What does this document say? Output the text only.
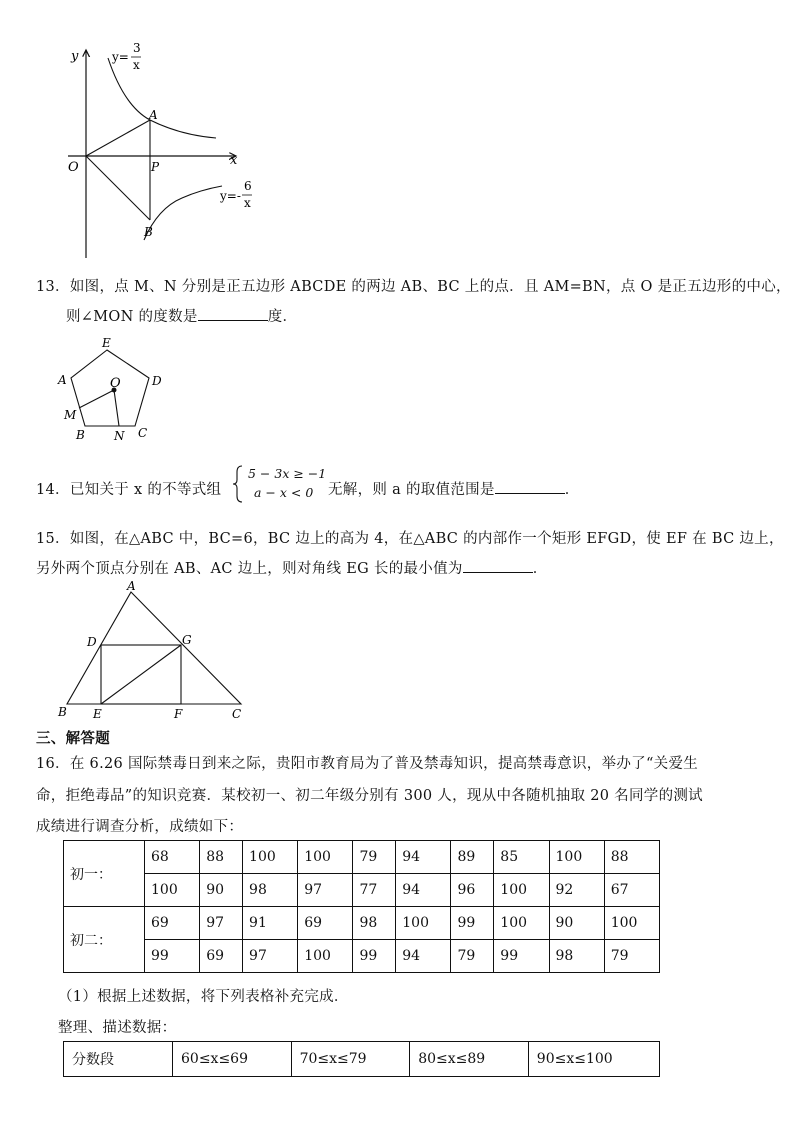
y
x
O
A
P
B
y=
3
x
y=-
6
x
13．如图，点 M、N 分别是正五边形 ABCDE 的两边 AB、BC 上的点．且 AM=BN，点 O 是正五边形的中心，
则∠MON 的度数是	度．
E
A	D
O
M
B N C
14．已知关于 x 的不等式组
5 − 3x ≥ −1
a − x < 0 无解，则 a 的取值范围是	．
15．如图，在△ABC 中，BC=6，BC 边上的高为 4，在△ABC 的内部作一个矩形 EFGD，使 EF 在 BC 边上，
另外两个顶点分别在 AB、AC 边上，则对角线 EG 长的最小值为	．
A
D	G
B E	F	C
三、解答题
16．在 6.26 国际禁毒日到来之际，贵阳市教育局为了普及禁毒知识，提高禁毒意识，举办了“关爱生
命，拒绝毒品”的知识竞赛．某校初一、初二年级分别有 300 人，现从中各随机抽取 20 名同学的测试
成绩进行调查分析，成绩如下：
初一：	68	88	100	100	79	94	89	85	100	88
	100	90	98	97	77	94	96	100	92	67
初二：	69	97	91	69	98	100	99	100	90	100
	99	69	97	100	99	94	79	99	98	79
（1）根据上述数据，将下列表格补充完成．
整理、描述数据：
分数段	60≤x≤69	70≤x≤79	80≤x≤89	90≤x≤100
